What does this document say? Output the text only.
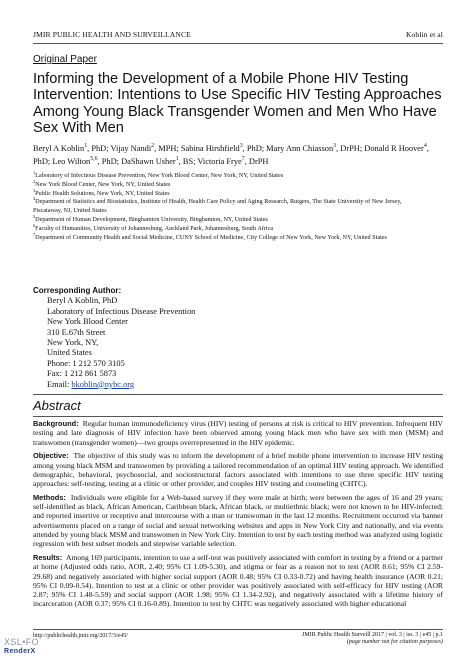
JMIR PUBLIC HEALTH AND SURVEILLANCE	Koblin et al
Original Paper
Informing the Development of a Mobile Phone HIV Testing Intervention: Intentions to Use Specific HIV Testing Approaches Among Young Black Transgender Women and Men Who Have Sex With Men
Beryl A Koblin$^1$, PhD; Vijay Nandi$^2$, MPH; Sabina Hirshfield$^3$, PhD; Mary Ann Chiasson$^3$, DrPH; Donald R Hoover$^4$, PhD; Leo Wilton$^{5,6}$, PhD; DaShawn Usher$^1$, BS; Victoria Frye$^7$, DrPH
$^1$Laboratory of Infectious Disease Prevention, New York Blood Center, New York, NY, United States
$^2$New York Blood Center, New York, NY, United States
$^3$Public Health Solutions, New York, NY, United States
$^4$Department of Statistics and Biostatistics, Institute of Health, Health Care Policy and Aging Research, Rutgers, The State University of New Jersey,
Piscataway, NJ, United States
$^5$Department of Human Development, Binghamton University, Binghamton, NY, United States
$^6$Faculty of Humanities, University of Johannesburg, Auckland Park, Johannesburg, South Africa
$^7$Department of Community Health and Social Medicine, CUNY School of Medicine, City College of New York, New York, NY, United States
Corresponding Author:
Beryl A Koblin, PhD
Laboratory of Infectious Disease Prevention
New York Blood Center
310 E.67th Street
New York, NY,
United States
Phone: 1 212 570 3105
Fax: 1 212 861 5873
Email: bkoblin@nybc.org
Abstract

Background: Regular human immunodeficiency virus (HIV) testing of persons at risk is critical to HIV prevention. Infrequent HIV testing and late diagnosis of HIV infection have been observed among young black men who have sex with men (MSM) and transwomen (transgender women)—two groups overrepresented in the HIV epidemic.

Objective: The objective of this study was to inform the development of a brief mobile phone intervention to increase HIV testing among young black MSM and transwomen by providing a tailored recommendation of an optimal HIV testing approach. We identified demographic, behavioral, psychosocial, and sociostructural factors associated with intentions to use three specific HIV testing approaches: self-testing, testing at a clinic or other provider, and couples HIV testing and counseling (CHTC).

Methods: Individuals were eligible for a Web-based survey if they were male at birth; were between the ages of 16 and 29 years; self-identified as black, African American, Caribbean black, African black, or multiethnic black; were not known to be HIV-infected; and reported insertive or receptive anal intercourse with a man or transwoman in the last 12 months. Recruitment occurred via banner advertisements placed on a range of social and sexual networking websites and apps in New York City and nationally, and via events attended by young black MSM and transwomen in New York City. Intention to test by each testing method was analyzed using logistic regression with best subset models and stepwise variable selection.

Results: Among 169 participants, intention to use a self-test was positively associated with comfort in testing by a friend or a partner at home (Adjusted odds ratio, AOR, 2.40; 95% CI 1.09-5.30), and stigma or fear as a reason not to test (AOR 8.61; 95% CI 2.59-29.68) and negatively associated with higher social support (AOR 0.48; 95% CI 0.33-0.72) and having health insurance (AOR 0.21; 95% CI 0.09-0.54). Intention to test at a clinic or other provider was positively associated with self-efficacy for HIV testing (AOR 2.87; 95% CI 1.48-5.59) and social support (AOR 1.98; 95% CI 1.34-2.92), and negatively associated with a lifetime history of incarceration (AOR 0.37; 95% CI 0.16-0.89). Intention to test by CHTC was negatively associated with higher educational

http://publichealth.jmir.org/2017/3/e45/	JMIR Public Health Surveill 2017 | vol. 3 | iss. 3 | e45 | p.1
(page number not for citation purposes)
XSL•FO
RenderX
